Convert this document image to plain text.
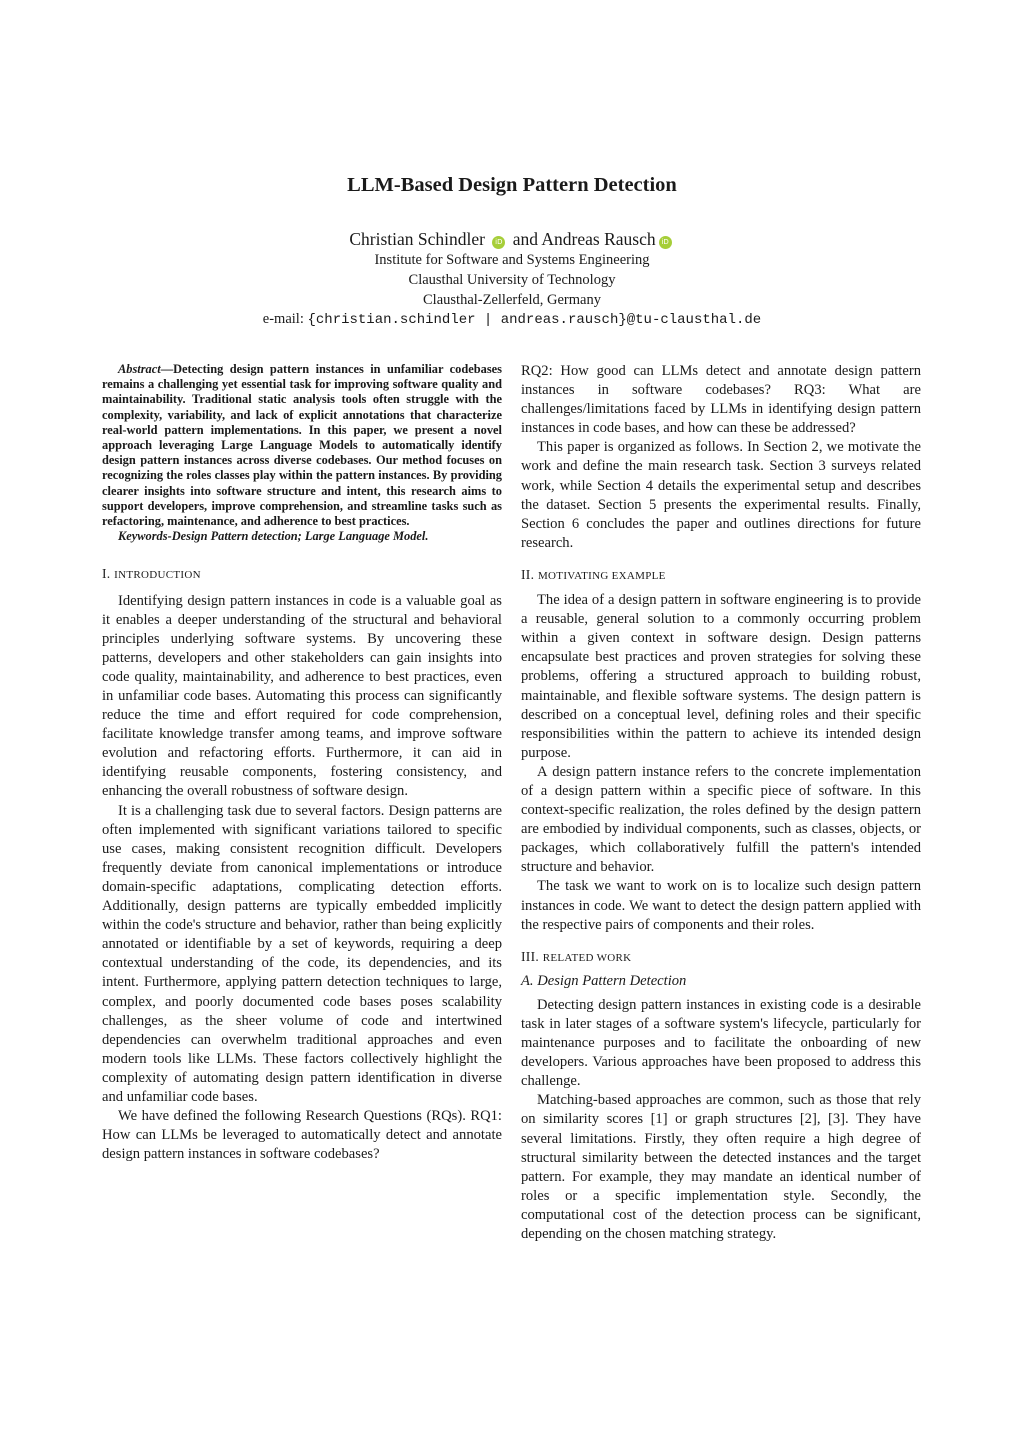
LLM-Based Design Pattern Detection
Christian Schindler iD and Andreas Rausch iD
Institute for Software and Systems Engineering
Clausthal University of Technology
Clausthal-Zellerfeld, Germany
e-mail: {christian.schindler | andreas.rausch}@tu-clausthal.de

Abstract—Detecting design pattern instances in unfamiliar codebases remains a challenging yet essential task for improving software quality and maintainability. Traditional static analysis tools often struggle with the complexity, variability, and lack of explicit annotations that characterize real-world pattern implementations. In this paper, we present a novel approach leveraging Large Language Models to automatically identify design pattern instances across diverse codebases. Our method focuses on recognizing the roles classes play within the pattern instances. By providing clearer insights into software structure and intent, this research aims to support developers, improve comprehension, and streamline tasks such as refactoring, maintenance, and adherence to best practices.

Keywords-Design Pattern detection; Large Language Model.

I. INTRODUCTION

Identifying design pattern instances in code is a valuable goal as it enables a deeper understanding of the structural and behavioral principles underlying software systems. By uncovering these patterns, developers and other stakeholders can gain insights into code quality, maintainability, and adherence to best practices, even in unfamiliar code bases. Automating this process can significantly reduce the time and effort required for code comprehension, facilitate knowledge transfer among teams, and improve software evolution and refactoring efforts. Furthermore, it can aid in identifying reusable components, fostering consistency, and enhancing the overall robustness of software design.

It is a challenging task due to several factors. Design patterns are often implemented with significant variations tailored to specific use cases, making consistent recognition difficult. Developers frequently deviate from canonical implementations or introduce domain-specific adaptations, complicating detection efforts. Additionally, design patterns are typically embedded implicitly within the code's structure and behavior, rather than being explicitly annotated or identifiable by a set of keywords, requiring a deep contextual understanding of the code, its dependencies, and its intent. Furthermore, applying pattern detection techniques to large, complex, and poorly documented code bases poses scalability challenges, as the sheer volume of code and intertwined dependencies can overwhelm traditional approaches and even modern tools like LLMs. These factors collectively highlight the complexity of automating design pattern identification in diverse and unfamiliar code bases.

We have defined the following Research Questions (RQs). RQ1: How can LLMs be leveraged to automatically detect and annotate design pattern instances in software codebases?

RQ2: How good can LLMs detect and annotate design pattern instances in software codebases? RQ3: What are challenges/limitations faced by LLMs in identifying design pattern instances in code bases, and how can these be addressed?

This paper is organized as follows. In Section 2, we motivate the work and define the main research task. Section 3 surveys related work, while Section 4 details the experimental setup and describes the dataset. Section 5 presents the experimental results. Finally, Section 6 concludes the paper and outlines directions for future research.

II. MOTIVATING EXAMPLE

The idea of a design pattern in software engineering is to provide a reusable, general solution to a commonly occurring problem within a given context in software design. Design patterns encapsulate best practices and proven strategies for solving these problems, offering a structured approach to building robust, maintainable, and flexible software systems. The design pattern is described on a conceptual level, defining roles and their specific responsibilities within the pattern to achieve its intended design purpose.

A design pattern instance refers to the concrete implementation of a design pattern within a specific piece of software. In this context-specific realization, the roles defined by the design pattern are embodied by individual components, such as classes, objects, or packages, which collaboratively fulfill the pattern's intended structure and behavior.

The task we want to work on is to localize such design pattern instances in code. We want to detect the design pattern applied with the respective pairs of components and their roles.

III. RELATED WORK

A. Design Pattern Detection

Detecting design pattern instances in existing code is a desirable task in later stages of a software system's lifecycle, particularly for maintenance purposes and to facilitate the onboarding of new developers. Various approaches have been proposed to address this challenge.

Matching-based approaches are common, such as those that rely on similarity scores [1] or graph structures [2], [3]. They have several limitations. Firstly, they often require a high degree of structural similarity between the detected instances and the target pattern. For example, they may mandate an identical number of roles or a specific implementation style. Secondly, the computational cost of the detection process can be significant, depending on the chosen matching strategy.
